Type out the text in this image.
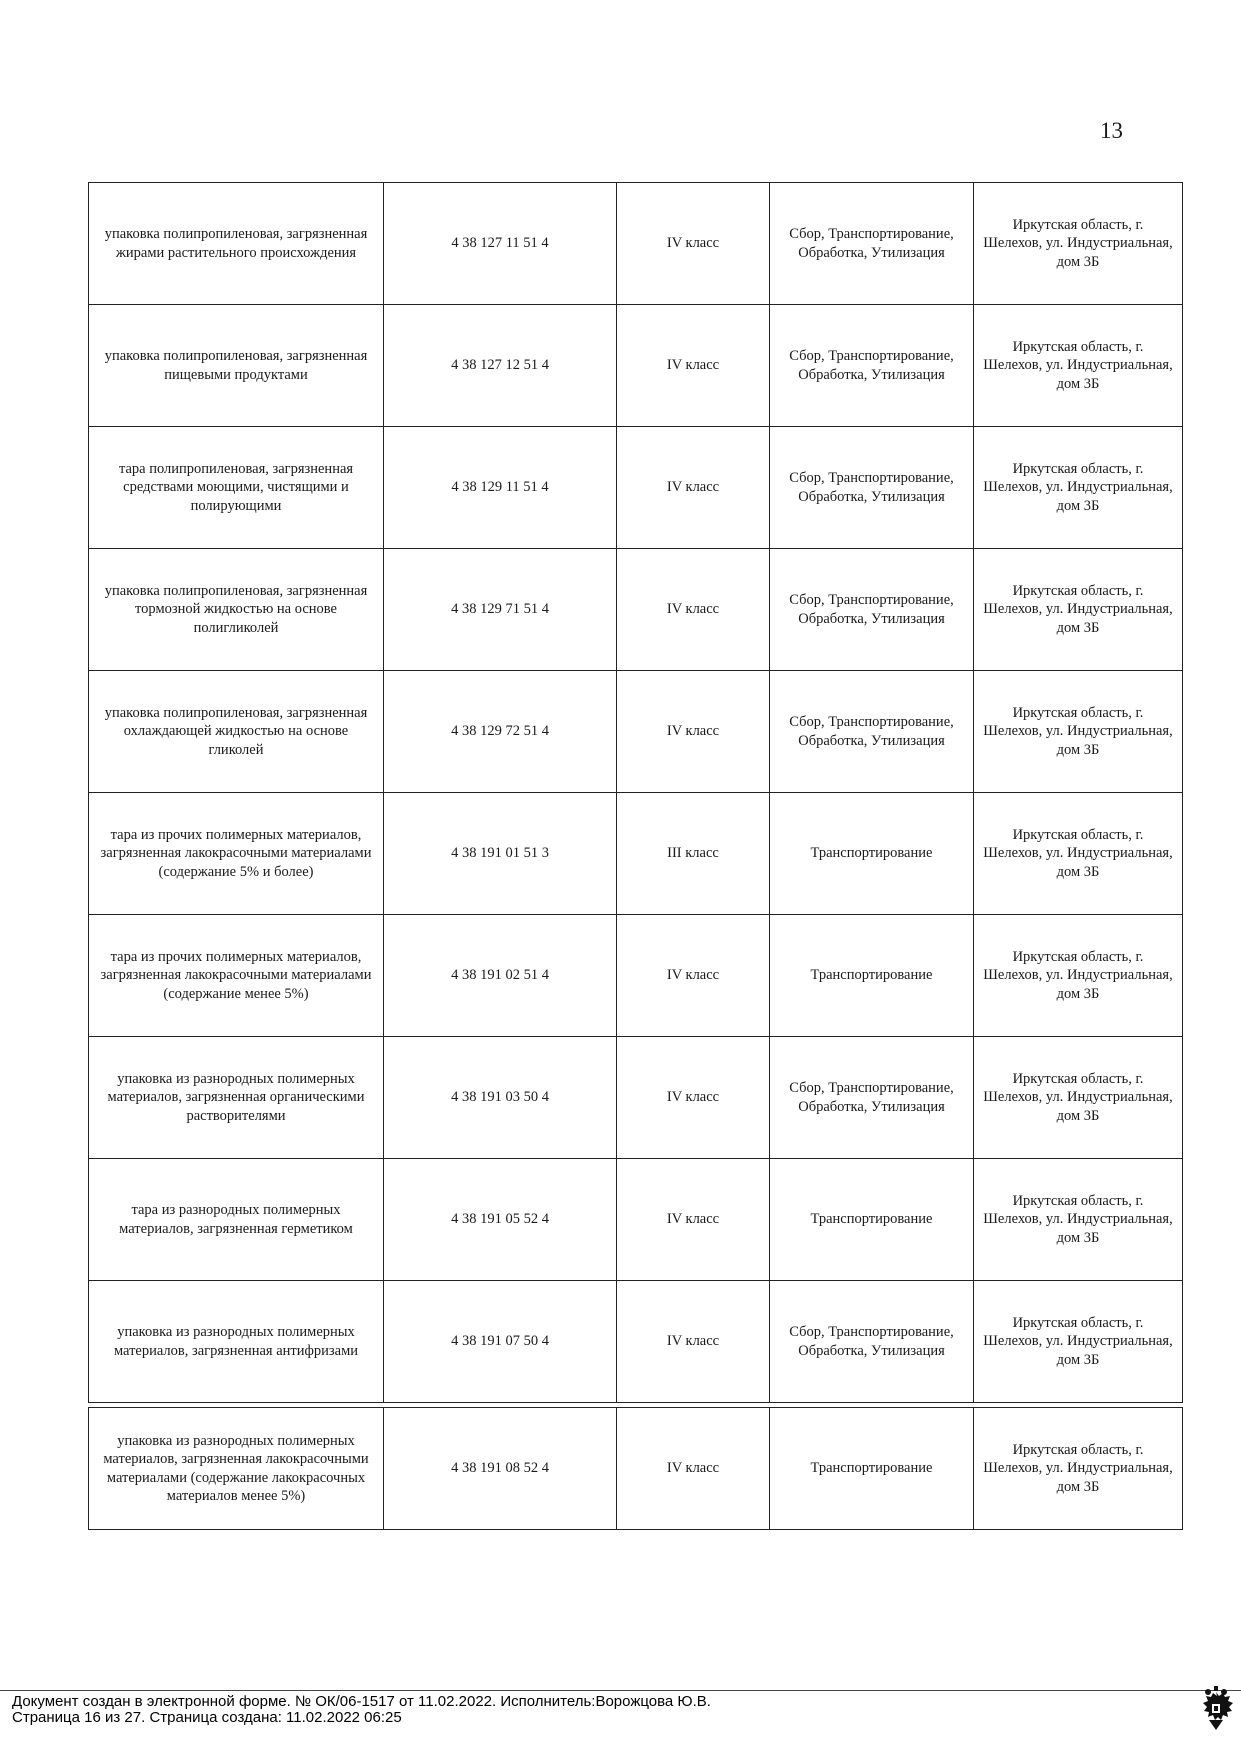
13
упаковка полипропиленовая, загрязненная жирами растительного происхождения	4 38 127 11 51 4	IV класс	Сбор, Транспортирование, Обработка, Утилизация	Иркутская область, г. Шелехов, ул. Индустриальная, дом 3Б
упаковка полипропиленовая, загрязненная пищевыми продуктами	4 38 127 12 51 4	IV класс	Сбор, Транспортирование, Обработка, Утилизация	Иркутская область, г. Шелехов, ул. Индустриальная, дом 3Б
тара полипропиленовая, загрязненная средствами моющими, чистящими и полирующими	4 38 129 11 51 4	IV класс	Сбор, Транспортирование, Обработка, Утилизация	Иркутская область, г. Шелехов, ул. Индустриальная, дом 3Б
упаковка полипропиленовая, загрязненная тормозной жидкостью на основе полигликолей	4 38 129 71 51 4	IV класс	Сбор, Транспортирование, Обработка, Утилизация	Иркутская область, г. Шелехов, ул. Индустриальная, дом 3Б
упаковка полипропиленовая, загрязненная охлаждающей жидкостью на основе гликолей	4 38 129 72 51 4	IV класс	Сбор, Транспортирование, Обработка, Утилизация	Иркутская область, г. Шелехов, ул. Индустриальная, дом 3Б
тара из прочих полимерных материалов, загрязненная лакокрасочными материалами (содержание 5% и более)	4 38 191 01 51 3	III класс	Транспортирование	Иркутская область, г. Шелехов, ул. Индустриальная, дом 3Б
тара из прочих полимерных материалов, загрязненная лакокрасочными материалами (содержание менее 5%)	4 38 191 02 51 4	IV класс	Транспортирование	Иркутская область, г. Шелехов, ул. Индустриальная, дом 3Б
упаковка из разнородных полимерных материалов, загрязненная органическими растворителями	4 38 191 03 50 4	IV класс	Сбор, Транспортирование, Обработка, Утилизация	Иркутская область, г. Шелехов, ул. Индустриальная, дом 3Б
тара из разнородных полимерных материалов, загрязненная герметиком	4 38 191 05 52 4	IV класс	Транспортирование	Иркутская область, г. Шелехов, ул. Индустриальная, дом 3Б
упаковка из разнородных полимерных материалов, загрязненная антифризами	4 38 191 07 50 4	IV класс	Сбор, Транспортирование, Обработка, Утилизация	Иркутская область, г. Шелехов, ул. Индустриальная, дом 3Б

упаковка из разнородных полимерных материалов, загрязненная лакокрасочными материалами (содержание лакокрасочных материалов менее 5%)	4 38 191 08 52 4	IV класс	Транспортирование	Иркутская область, г. Шелехов, ул. Индустриальная, дом 3Б
Документ создан в электронной форме. № ОК/06-1517 от 11.02.2022. Исполнитель:Ворожцова Ю.В.
Страница 16 из 27. Страница создана: 11.02.2022 06:25
